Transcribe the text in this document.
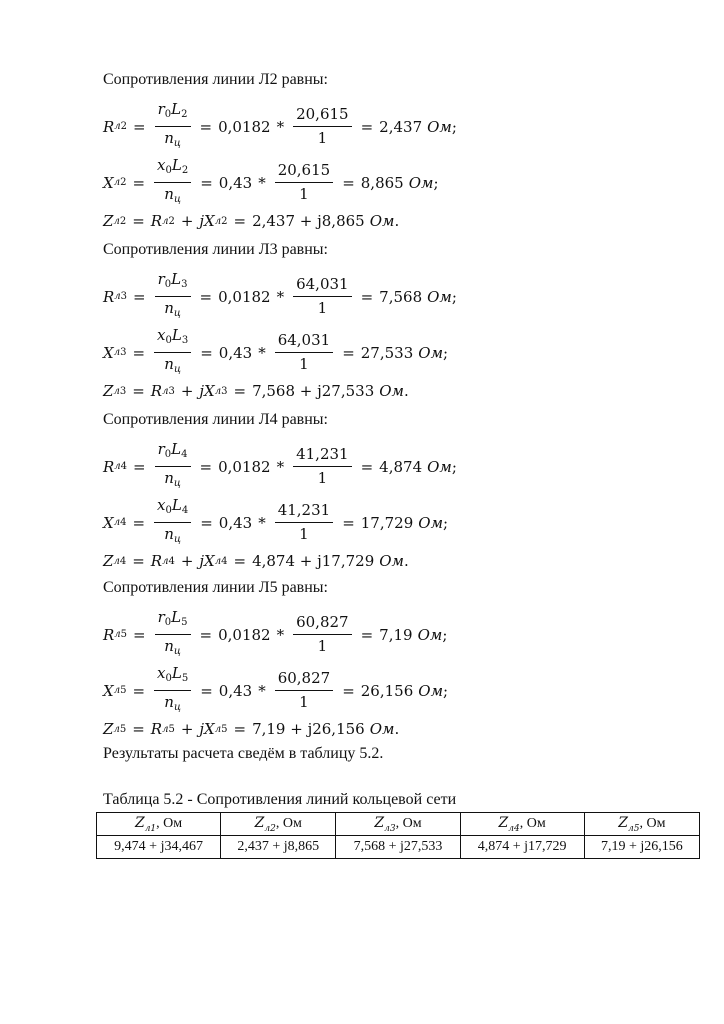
Сопротивления линии Л2 равны:
R л $2 = \frac{r_0L_2}{n_ц} = 0,0182 * \frac{20,615}{1} = 2,437$ Ом ;
X л $2 = \frac{x_0L_2}{n_ц} = 0,43 * \frac{20,615}{1} = 8,865$ Ом ;
Z л 2 = R л 2 + jX л 2 = 2,437 + j8,865 Ом .
Сопротивления линии Л3 равны:
R л $3 = \frac{r_0L_3}{n_ц} = 0,0182 * \frac{64,031}{1} = 7,568$ Ом ;
X л $3 = \frac{x_0L_3}{n_ц} = 0,43 * \frac{64,031}{1} = 27,533$ Ом ;
Z л 3 = R л 3 + jX л 3 = 7,568 + j27,533 Ом .
Сопротивления линии Л4 равны:
R л $4 = \frac{r_0L_4}{n_ц} = 0,0182 * \frac{41,231}{1} = 4,874$ Ом ;
X л $4 = \frac{x_0L_4}{n_ц} = 0,43 * \frac{41,231}{1} = 17,729$ Ом ;
Z л 4 = R л 4 + jX л 4 = 4,874 + j17,729 Ом .
Сопротивления линии Л5 равны:
R л $5 = \frac{r_0L_5}{n_ц} = 0,0182 * \frac{60,827}{1} = 7,19$ Ом ;
X л $5 = \frac{x_0L_5}{n_ц} = 0,43 * \frac{60,827}{1} = 26,156$ Ом ;
Z л 5 = R л 5 + jX л 5 = 7,19 + j26,156 Ом .
Результаты расчета сведём в таблицу 5.2.
Таблица 5.2 - Сопротивления линий кольцевой сети
$Z_{л1}$, Ом	$Z_{л2}$, Ом	$Z_{л3}$, Ом	$Z_{л4}$, Ом	$Z_{л5}$, Ом
9,474 + j34,467	2,437 + j8,865	7,568 + j27,533	4,874 + j17,729	7,19 + j26,156
